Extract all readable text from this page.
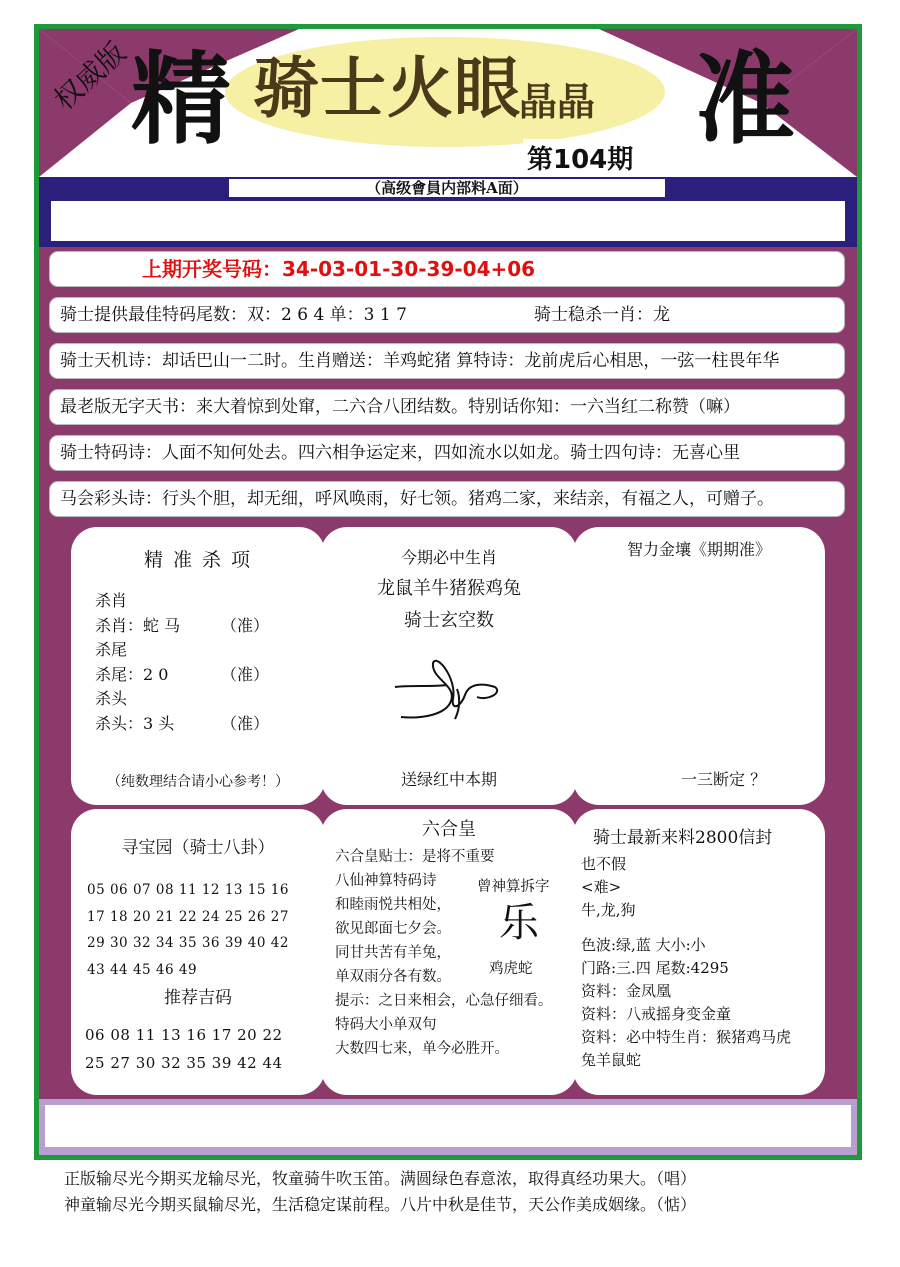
权威版
精 骑士火眼
晶晶 准
第104期
（高级會員内部料A面）
上期开奖号码：34-03-01-30-39-04+06
骑士提供最佳特码尾数：双：2 6 4 单：3 1 7	骑士稳杀一肖：龙
骑士天机诗：却话巴山一二时。生肖赠送：羊鸡蛇猪 算特诗：龙前虎后心相思，一弦一柱畏年华
最老版无字天书：来大着惊到处窜，二六合八团结数。特别话你知：一六当红二称赞（嘛）
骑士特码诗：人面不知何处去。四六相争运定来，四如流水以如龙。骑士四句诗：无喜心里
马会彩头诗：行头个胆，却无细，呼风唤雨，好七领。猪鸡二家，来结亲，有福之人，可赠子。
精 准 杀 项
杀肖
杀肖：蛇 马	（准）
杀尾
杀尾：2 0	（准）
杀头
杀头：3 头	（准）
（纯数理结合请小心参考！）
今期必中生肖
龙鼠羊牛猪猴鸡兔
骑士玄空数
送绿红中本期
智力金壤《期期准》
一三断定 ？
寻宝园（骑士八卦）
05 06 07 08 11 12 13 15 16
17 18 20 21 22 24 25 26 27
29 30 32 34 35 36 39 40 42
43 44 45 46 49
推荐吉码
06 08 11 13 16 17 20 22
25 27 30 32 35 39 42 44
六合皇
六合皇贴士：是将不重要
八仙神算特码诗
和睦雨悦共相处，
欲见郎面七夕会。
同甘共苦有羊兔，
单双雨分各有数。
提示：之日来相会，心急仔细看。
特码大小单双句
大数四七来，单今必胜开。
曾神算拆字
乐
鸡虎蛇
骑士最新来料2800信封
也不假
<难>
牛,龙,狗
色波:绿,蓝 大小:小
门路:三.四 尾数:4295
资料：金凤凰
资料：八戒摇身变金童
资料：必中特生肖：猴猪鸡马虎
兔羊鼠蛇
正版输尽光今期买龙输尽光，牧童骑牛吹玉笛。满圆绿色春意浓，取得真经功果大。（唱）
神童输尽光今期买鼠输尽光，生活稳定谋前程。八片中秋是佳节，天公作美成姻缘。（惦）
